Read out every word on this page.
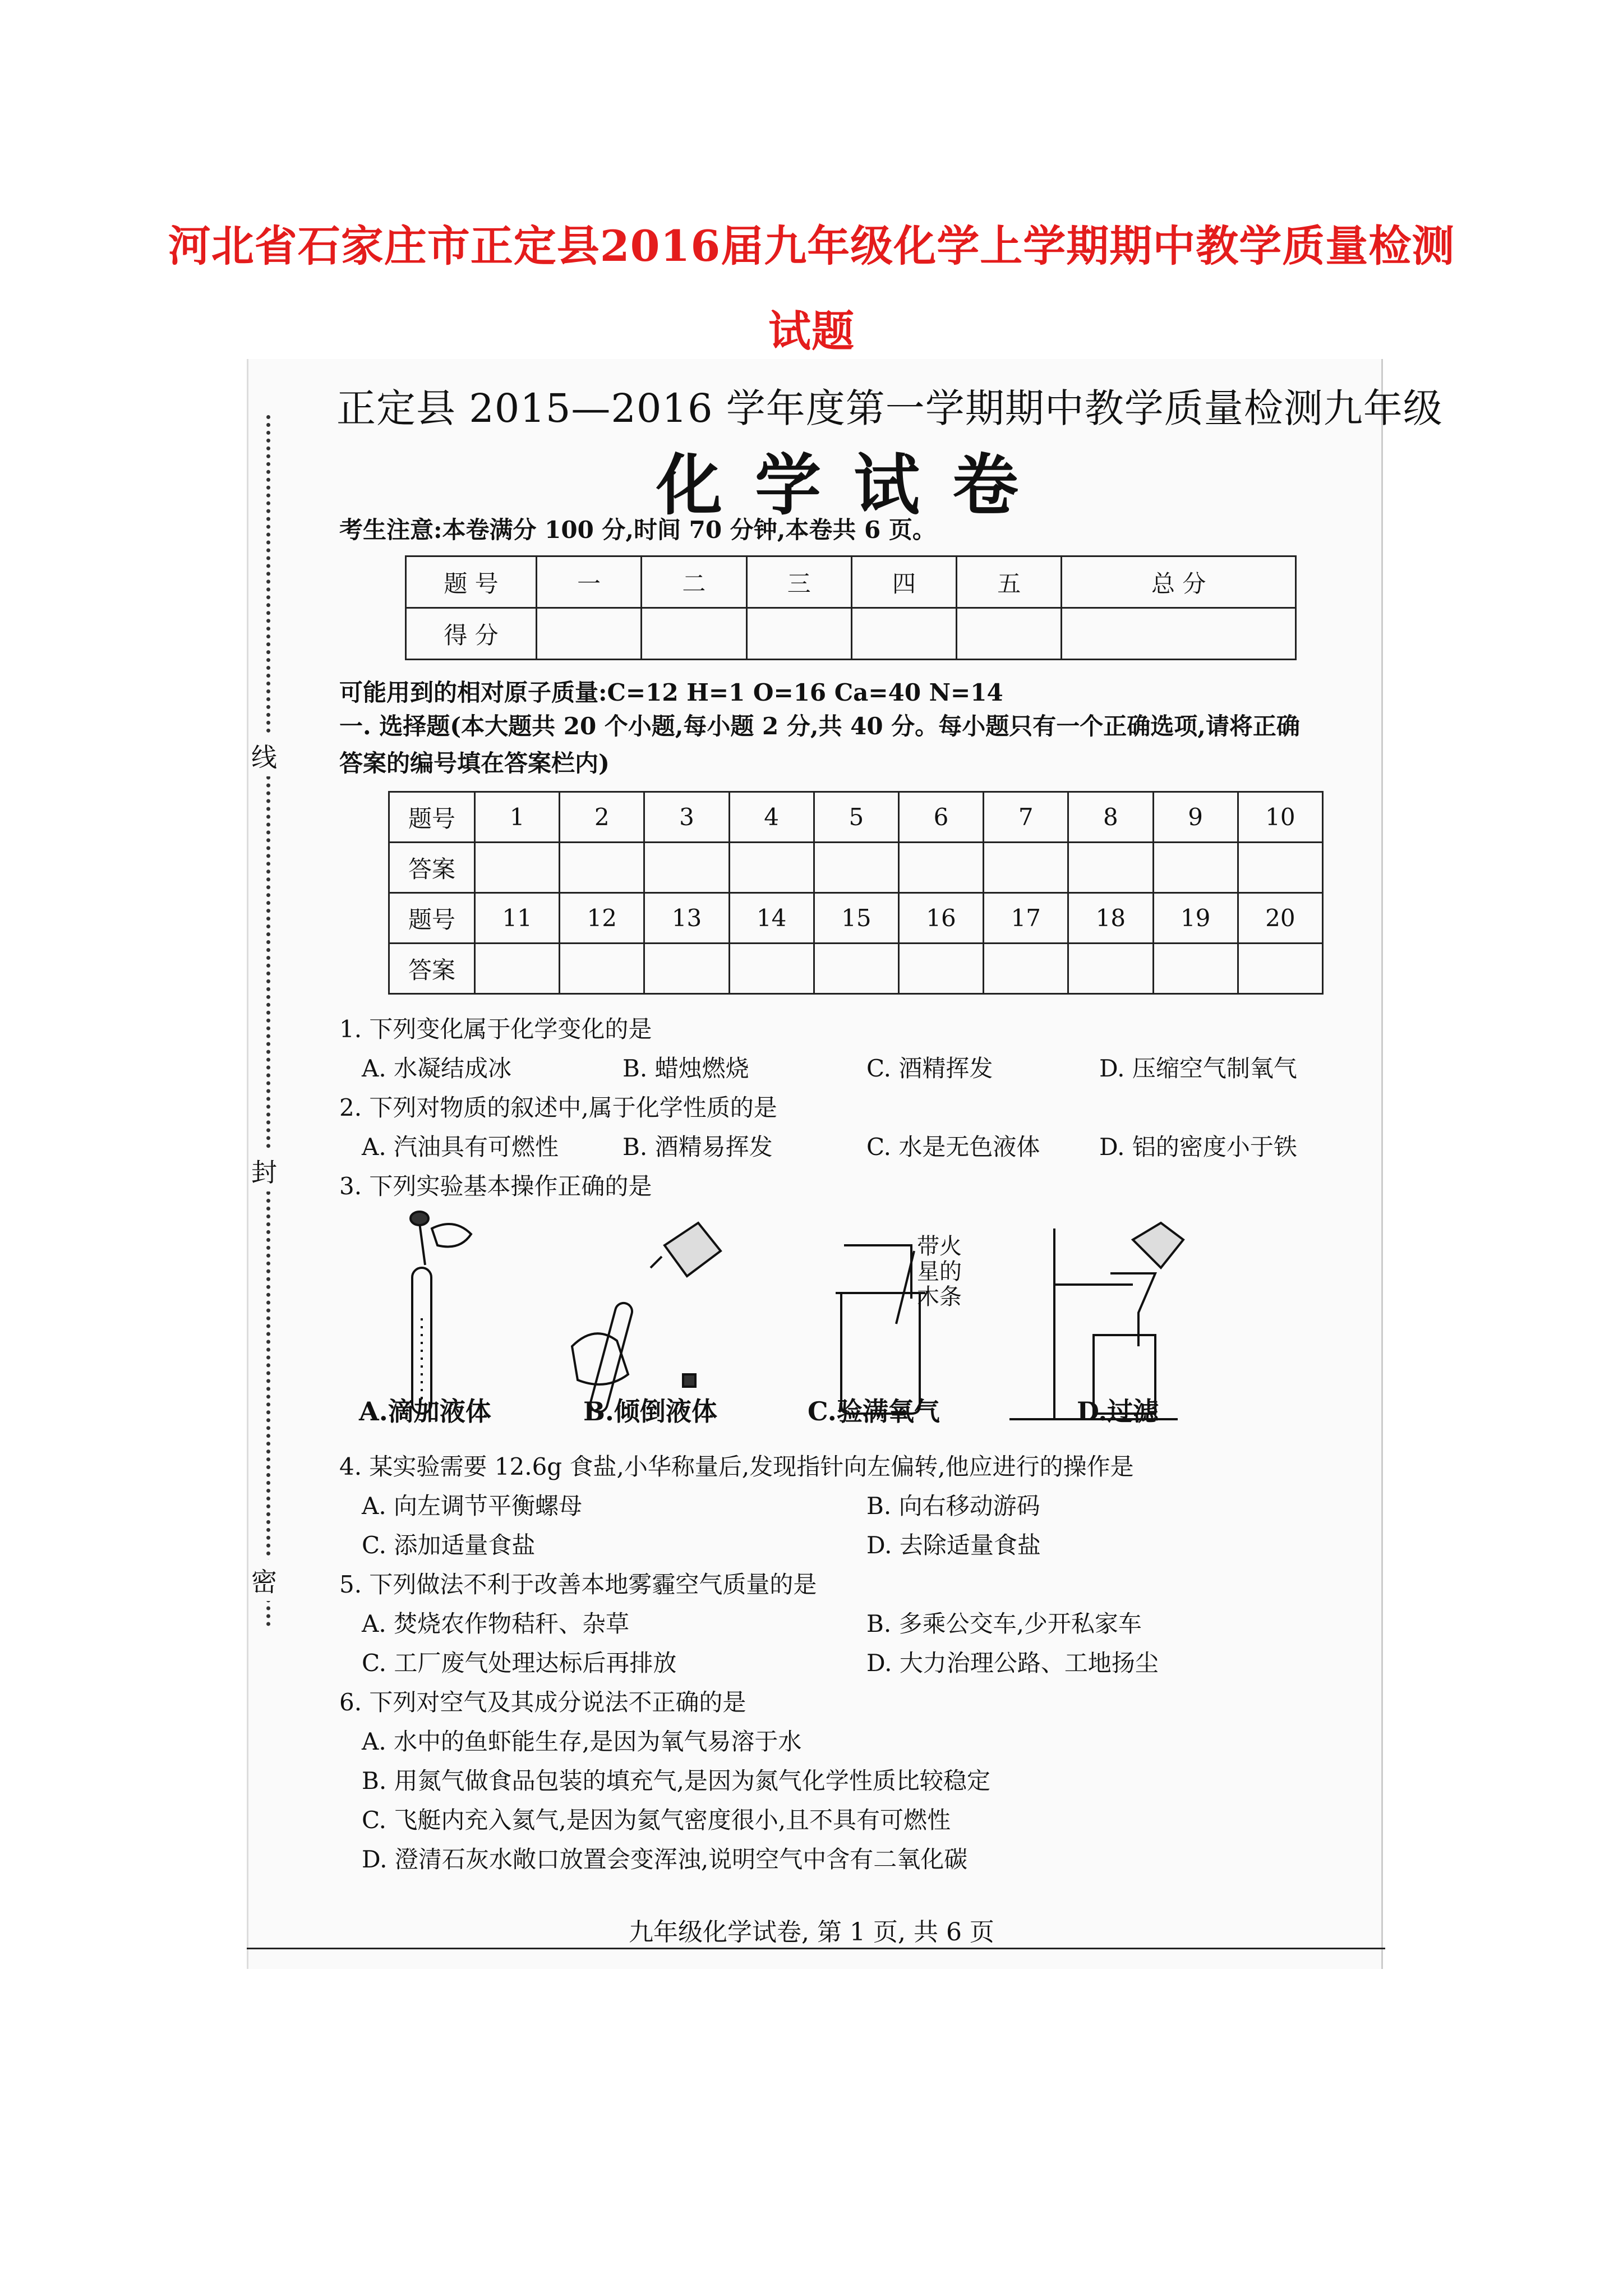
河北省石家庄市正定县2016届九年级化学上学期期中教学质量检测
试题
线
封
密
正定县 2015—2016 学年度第一学期期中教学质量检测九年级
化学试卷
考生注意:本卷满分 100 分,时间 70 分钟,本卷共 6 页。
题 号	一	二	三	四	五	总 分
得 分						
可能用到的相对原子质量:C=12 H=1 O=16 Ca=40 N=14
一. 选择题(本大题共 20 个小题,每小题 2 分,共 40 分。每小题只有一个正确选项,请将正确答案的编号填在答案栏内)
题号	1	2	3	4	5	6	7	8	9	10
答案										
题号	11	12	13	14	15	16	17	18	19	20
答案										
1. 下列变化属于化学变化的是
A. 水凝结成冰	B. 蜡烛燃烧	C. 酒精挥发	D. 压缩空气制氧气
2. 下列对物质的叙述中,属于化学性质的是
A. 汽油具有可燃性	B. 酒精易挥发	C. 水是无色液体	D. 铝的密度小于铁
3. 下列实验基本操作正确的是
带火
星的
木条
A.滴加液体	B.倾倒液体	C.验满氧气	D.过滤
4. 某实验需要 12.6g 食盐,小华称量后,发现指针向左偏转,他应进行的操作是
A. 向左调节平衡螺母	B. 向右移动游码
C. 添加适量食盐	D. 去除适量食盐
5. 下列做法不利于改善本地雾霾空气质量的是
A. 焚烧农作物秸秆、杂草	B. 多乘公交车,少开私家车
C. 工厂废气处理达标后再排放	D. 大力治理公路、工地扬尘
6. 下列对空气及其成分说法不正确的是
A. 水中的鱼虾能生存,是因为氧气易溶于水
B. 用氮气做食品包装的填充气,是因为氮气化学性质比较稳定
C. 飞艇内充入氦气,是因为氦气密度很小,且不具有可燃性
D. 澄清石灰水敞口放置会变浑浊,说明空气中含有二氧化碳
九年级化学试卷, 第 1 页, 共 6 页
